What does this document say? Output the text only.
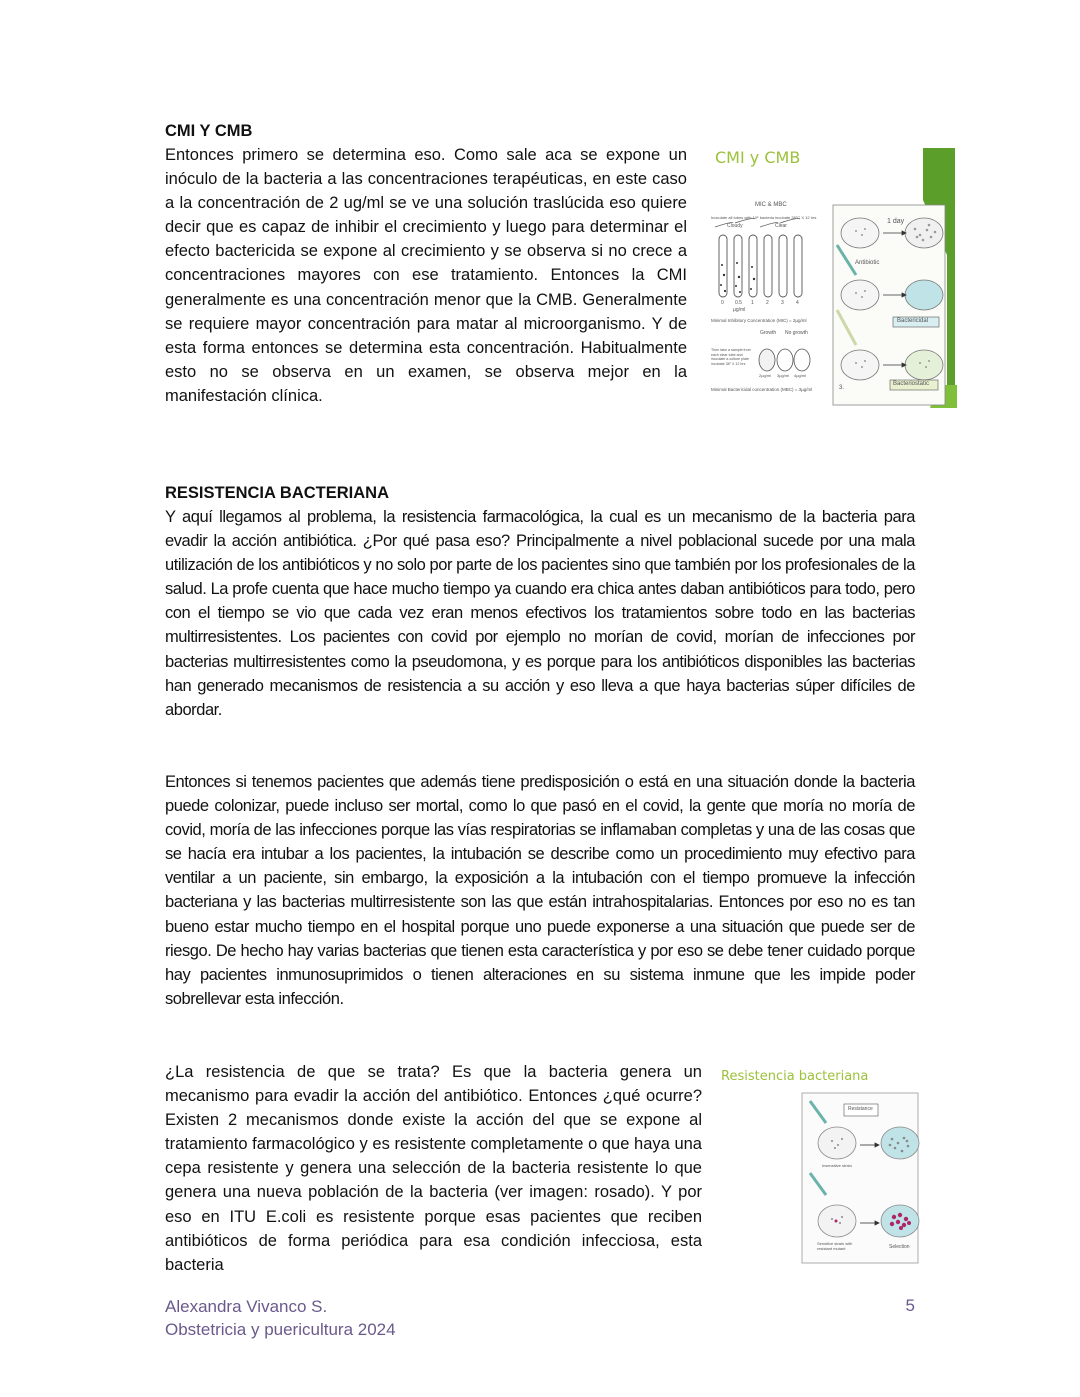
CMI Y CMB

Entonces primero se determina eso. Como sale aca se expone un inóculo de la bacteria a las concentraciones terapéuticas, en este caso a la concentración de 2 ug/ml se ve una solución traslúcida eso quiere decir que es capaz de inhibir el crecimiento y luego para determinar el efecto bactericida se expone al crecimiento y se observa si no crece a concentraciones mayores con ese tratamiento. Entonces la CMI generalmente es una concentración menor que la CMB. Generalmente se requiere mayor concentración para matar al microorganismo. Y de esta forma entonces se determina esta concentración. Habitualmente esto no se observa en un examen, se observa mejor en la manifestación clínica.

CMI y CMB
MIC & MBC
Inoculate all tubes with 10⁵ bacteria incubate 38°C X 12 hrs
Cloudy	Clear
0 0.5 1 2 3 4
µg/ml
Minimal Inhibitory Concentration (MIC) = 2µg/ml
Growth No growth
Then take a sample from each clear tube and inoculate a culture plate incubate 38° X 12 hrs
2µg/ml 3µg/ml 4µg/ml
Minimal Bactericidal concentration (MBC) = 3µg/ml
1 day
Antibiotic
Bactericidal
Bacteriostatic
3.
RESISTENCIA BACTERIANA

Y aquí llegamos al problema, la resistencia farmacológica, la cual es un mecanismo de la bacteria para evadir la acción antibiótica. ¿Por qué pasa eso? Principalmente a nivel poblacional sucede por una mala utilización de los antibióticos y no solo por parte de los pacientes sino que también por los profesionales de la salud. La profe cuenta que hace mucho tiempo ya cuando era chica antes daban antibióticos para todo, pero con el tiempo se vio que cada vez eran menos efectivos los tratamientos sobre todo en las bacterias multirresistentes. Los pacientes con covid por ejemplo no morían de covid, morían de infecciones por bacterias multirresistentes como la pseudomona, y es porque para los antibióticos disponibles las bacterias han generado mecanismos de resistencia a su acción y eso lleva a que haya bacterias súper difíciles de abordar.

Entonces si tenemos pacientes que además tiene predisposición o está en una situación donde la bacteria puede colonizar, puede incluso ser mortal, como lo que pasó en el covid, la gente que moría no moría de covid, moría de las infecciones porque las vías respiratorias se inflamaban completas y una de las cosas que se hacía era intubar a los pacientes, la intubación se describe como un procedimiento muy efectivo para ventilar a un paciente, sin embargo, la exposición a la intubación con el tiempo promueve la infección bacteriana y las bacterias multirresistente son las que están intrahospitalarias. Entonces por eso no es tan bueno estar mucho tiempo en el hospital porque uno puede exponerse a una situación que puede ser de riesgo. De hecho hay varias bacterias que tienen esta característica y por eso se debe tener cuidado porque hay pacientes inmunosuprimidos o tienen alteraciones en su sistema inmune que les impide poder sobrellevar esta infección.

¿La resistencia de que se trata? Es que la bacteria genera un mecanismo para evadir la acción del antibiótico. Entonces ¿qué ocurre? Existen 2 mecanismos donde existe la acción del que se expone al tratamiento farmacológico y es resistente completamente o que haya una cepa resistente y genera una selección de la bacteria resistente lo que genera una nueva población de la bacteria (ver imagen: rosado). Y por eso en ITU E.coli es resistente porque esas pacientes que reciben antibióticos de forma periódica para esa condición infecciosa, esta bacteria

Resistencia bacteriana
Resistance
Insensitive strain
Sensitive strain with resistant mutant	Selection
Alexandra Vivanco S.
Obstetricia y puericultura 2024
5
